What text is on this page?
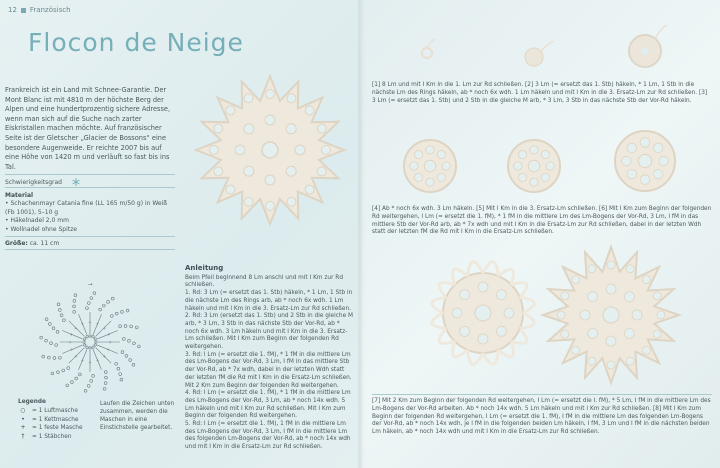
12 Französisch
Flocon de Neige
Frankreich ist ein Land mit Schnee-Garantie. Der Mont Blanc ist mit 4810 m der höchste Berg der Alpen und eine hundertprozentig sichere Adresse, wenn man sich auf die Suche nach zarter Eiskristallen machen möchte. Auf französischer Seite ist der Gletscher „Glacier de Bossons“ eine besondere Augenweide. Er reichte 2007 bis auf eine Höhe von 1420 m und verläuft so fast bis ins Tal.
Schwierigkeitsgrad
Material
• Schachenmayr Catania fine (LL 165 m/50 g) in Weiß (Fb 1001), 5–10 g
• Häkelnadel 2,0 mm
• Wollnadel ohne Spitze
Größe: ca. 11 cm
+
+
+
+
+
+
+
+
+
+
+
+ + +
+
+
→
Legende
○	= 1 Luftmasche
•	= 1 Kettmasche
+	= 1 feste Masche
†	= 1 Stäbchen
Laufen die Zeichen unten zusammen, werden die Maschen in eine Einstichstelle gearbeitet.
Anleitung

Beim Pfeil beginnend 8 Lm anschl und mit I Km zur Rd schließen.

1. Rd: 3 Lm (= ersetzt das 1. Stb) häkeln, * 1 Lm, 1 Stb in die nächste Lm des Rings arb, ab * noch 6x wdh. 1 Lm häkeln und mit I Km in die 3. Ersatz-Lm zur Rd schließen.

2. Rd: 3 Lm (ersetzt das 1. Stb) und 2 Stb in die gleiche M arb, * 3 Lm, 3 Stb in das nächste Stb der Vor-Rd, ab * noch 6x wdh. 3 Lm häkeln und mit I Km in die 3. Ersatz-Lm schließen. Mit I Km zum Beginn der folgenden Rd weitergehen.

3. Rd: I Lm (= ersetzt die 1. fM), * 1 fM in die mittlere Lm des Lm-Bogens der Vor-Rd, 3 Lm, I fM in das mittlere Stb der Vor-Rd, ab * 7x wdh, dabei in der letzten Wdh statt der letzten fM die Rd mit I Km in die Ersatz-Lm schließen. Mit 2 Km zum Beginn der folgenden Rd weitergehen.

4. Rd: I Lm (= ersetzt die 1. fM), * 1 fM in die mittlere Lm des Lm-Bogens der Vor-Rd, 3 Lm, ab * noch 14x wdh. 5 Lm häkeln und mit I Km zur Rd schließen. Mit I Km zum Beginn der folgenden Rd weitergehen.

5. Rd: I Lm (= ersetzt die 1. fM), 1 fM in die mittlere Lm des Lm-Bogens der Vor-Rd, 3 Lm, I fM in die mittlere Lm des folgenden Lm-Bogens der Vor-Rd, ab * noch 14x wdh und mit I Km in die Ersatz-Lm zur Rd schließen.

[1] 8 Lm und mit I Km in die 1. Lm zur Rd schließen. [2] 3 Lm (= ersetzt das 1. Stb) häkeln, * 1 Lm, 1 Stb in die nächste Lm des Rings häkeln, ab * noch 6x wdh. 1 Lm häkeln und mit I Km in die 3. Ersatz-Lm zur Rd schließen. [3] 3 Lm (= ersetzt das 1. Stb) und 2 Stb in die gleiche M arb, * 3 Lm, 3 Stb in das nächste Stb der Vor-Rd häkeln.
[4] Ab * noch 6x wdh. 3 Lm häkeln. [5] Mit I Km in die 3. Ersatz-Lm schließen. [6] Mit I Km zum Beginn der folgenden Rd weitergehen, I Lm (= ersetzt die 1. fM), * 1 fM in die mittlere Lm des Lm-Bogens der Vor-Rd, 3 Lm, I fM in das mittlere Stb der Vor-Rd arb, ab * 7x wdh und mit I Km in die Ersatz-Lm zur Rd schließen, dabei in der letzten Wdh statt der letzten fM die Rd mit I Km in die Ersatz-Lm schließen.
[7] Mit 2 Km zum Beginn der folgenden Rd weitergehen, I Lm (= ersetzt die I. fM), * 5 Lm, I fM in die mittlere Lm des Lm-Bogens der Vor-Rd arbeiten. Ab * noch 14x wdh. 5 Lm häkeln und mit I Km zur Rd schließen. [8] Mit I Km zum Beginn der folgenden Rd weitergehen, I Lm (= ersetzt die 1. fM), I fM in die mittlere Lm des folgenden Lm-Bogens der Vor-Rd, ab * noch 14x wdh, je I fM in die folgenden beiden Lm häkeln, I fM, 3 Lm und I fM in die nächsten beiden Lm häkeln, ab * noch 14x wdh und mit I Km in die Ersatz-Lm zur Rd schließen.
